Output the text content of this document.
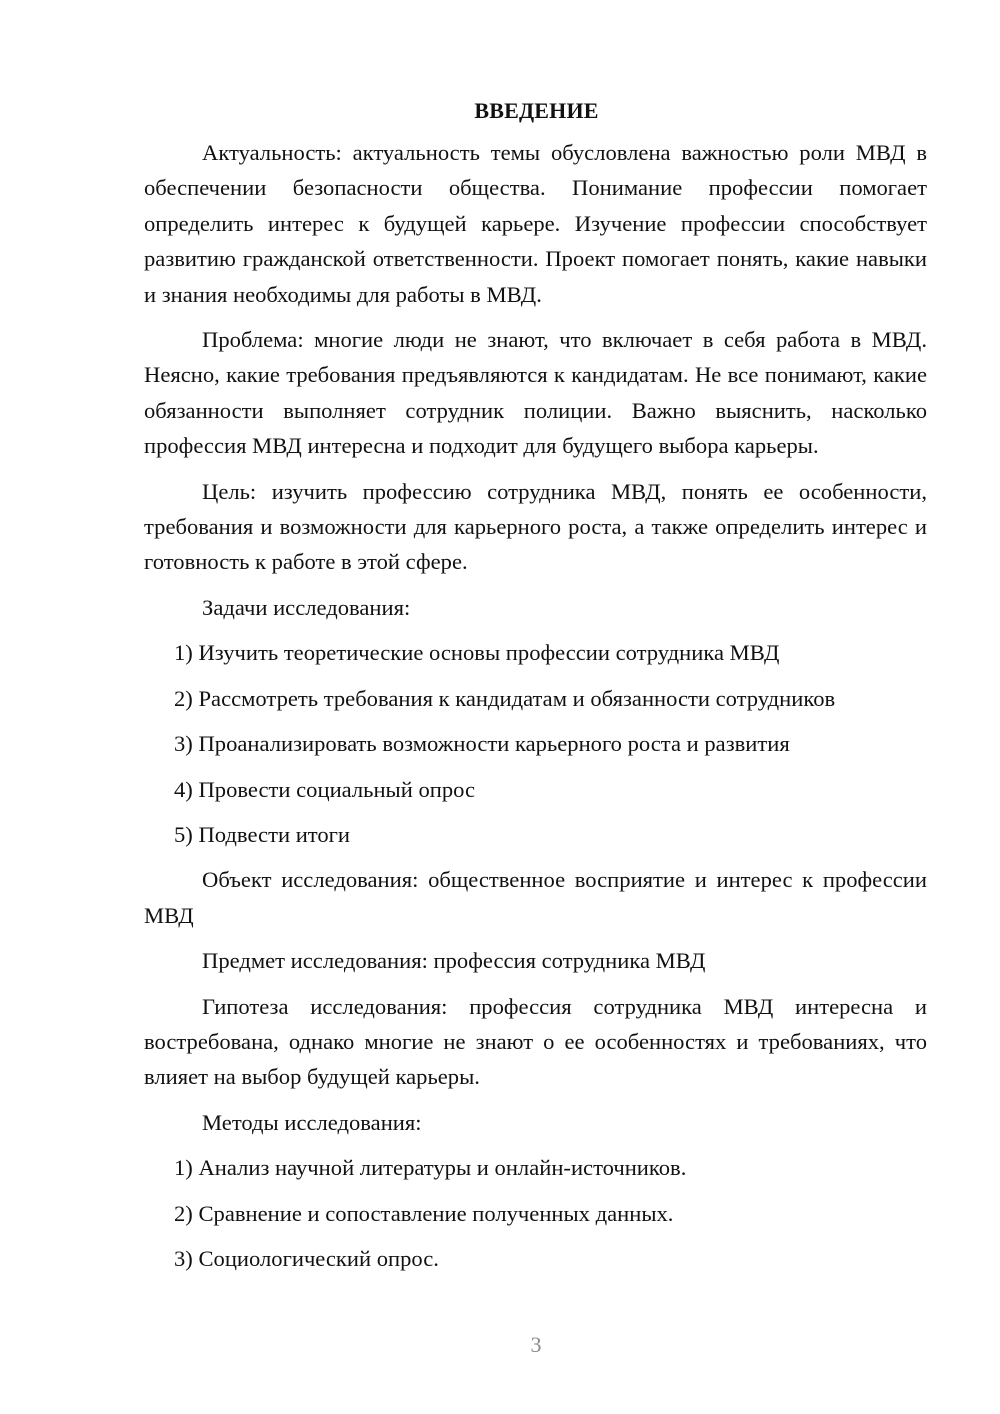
ВВЕДЕНИЕ

Актуальность: актуальность темы обусловлена важностью роли МВД в обеспечении безопасности общества. Понимание профессии помогает определить интерес к будущей карьере. Изучение профессии способствует развитию гражданской ответственности. Проект помогает понять, какие навыки и знания необходимы для работы в МВД.

Проблема: многие люди не знают, что включает в себя работа в МВД. Неясно, какие требования предъявляются к кандидатам. Не все понимают, какие обязанности выполняет сотрудник полиции. Важно выяснить, насколько профессия МВД интересна и подходит для будущего выбора карьеры.

Цель: изучить профессию сотрудника МВД, понять ее особенности, требования и возможности для карьерного роста, а также определить интерес и готовность к работе в этой сфере.

Задачи исследования:

1) Изучить теоретические основы профессии сотрудника МВД

2) Рассмотреть требования к кандидатам и обязанности сотрудников

3) Проанализировать возможности карьерного роста и развития

4) Провести социальный опрос

5) Подвести итоги

Объект исследования: общественное восприятие и интерес к профессии МВД

Предмет исследования: профессия сотрудника МВД

Гипотеза исследования: профессия сотрудника МВД интересна и востребована, однако многие не знают о ее особенностях и требованиях, что влияет на выбор будущей карьеры.

Методы исследования:

1) Анализ научной литературы и онлайн-источников.

2) Сравнение и сопоставление полученных данных.

3) Социологический опрос.

3
